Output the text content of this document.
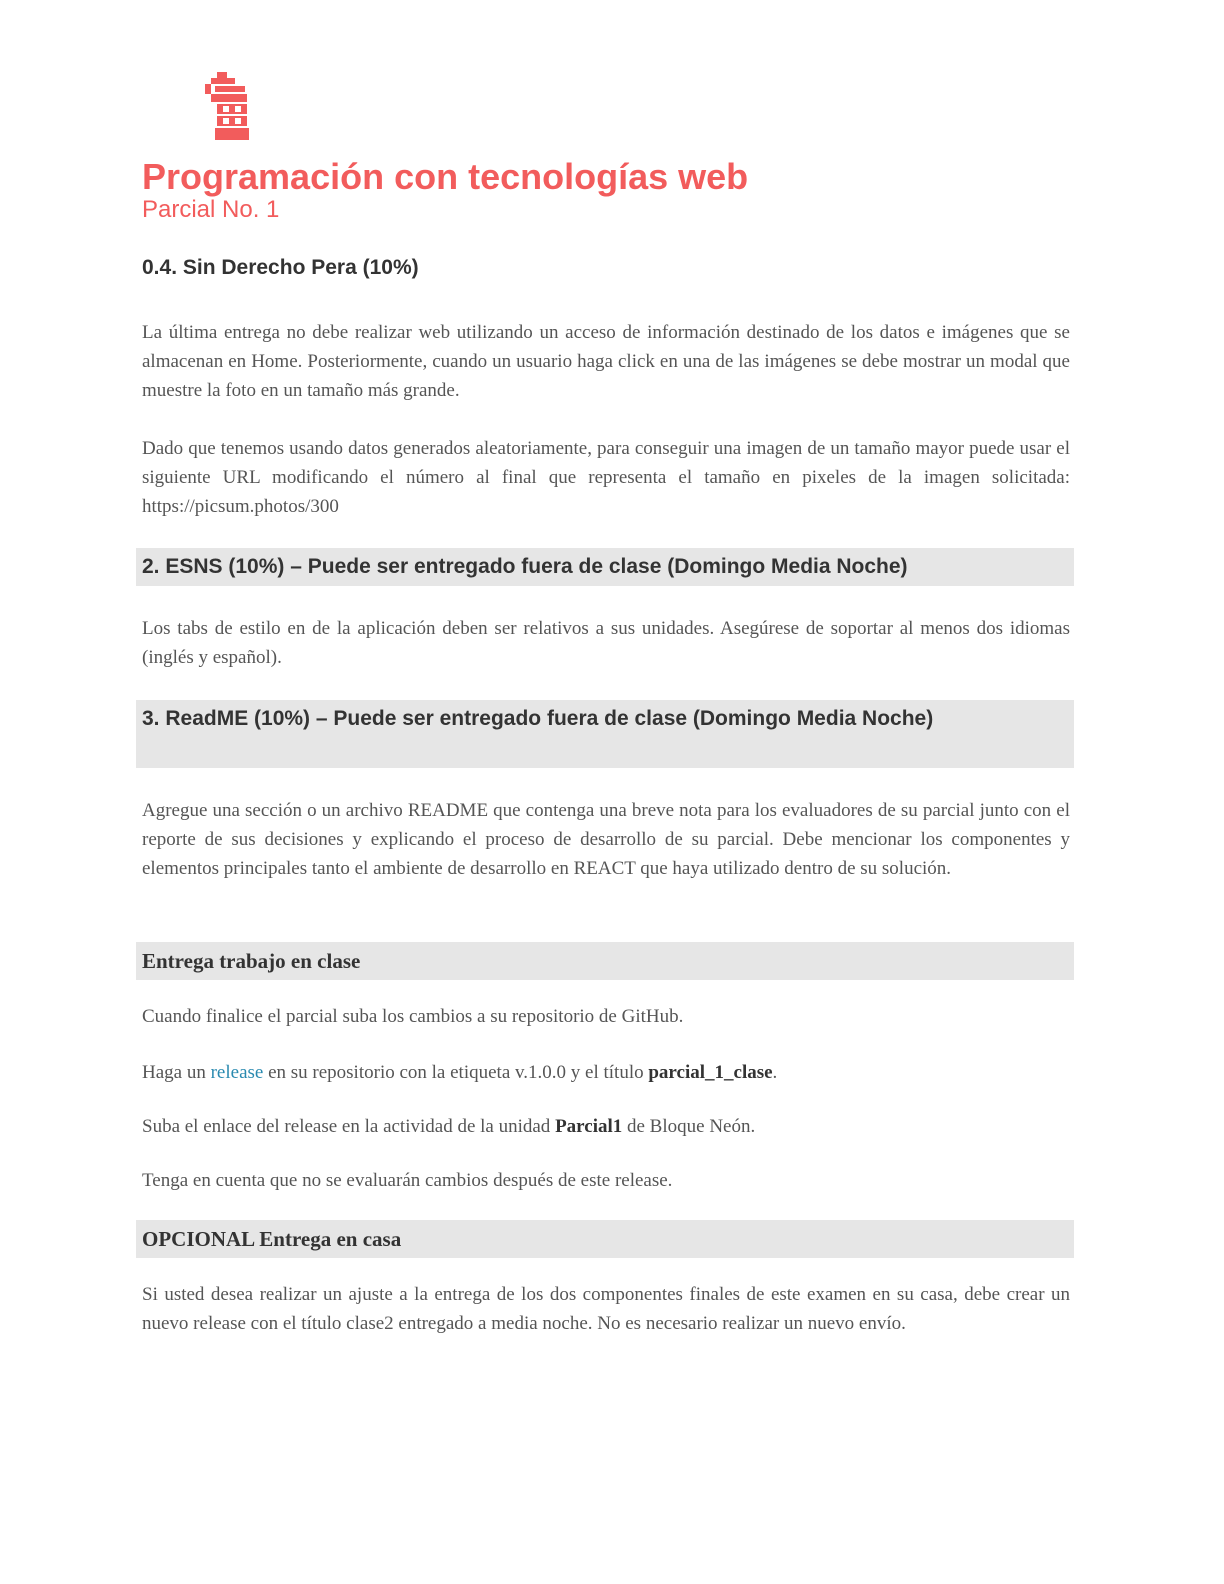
Programación con tecnologías web
Parcial No. 1
0.4. Sin Derecho Pera (10%)
La última entrega no debe realizar web utilizando un acceso de información destinado de los datos e imágenes que se almacenan en Home. Posteriormente, cuando un usuario haga click en una de las imágenes se debe mostrar un modal que muestre la foto en un tamaño más grande.
Dado que tenemos usando datos generados aleatoriamente, para conseguir una imagen de un tamaño mayor puede usar el siguiente URL modificando el número al final que representa el tamaño en pixeles de la imagen solicitada: https://picsum.photos/300
2. ESNS (10%) – Puede ser entregado fuera de clase (Domingo Media Noche)
Los tabs de estilo en de la aplicación deben ser relativos a sus unidades. Asegúrese de soportar al menos dos idiomas (inglés y español).
3. ReadME (10%) – Puede ser entregado fuera de clase (Domingo Media Noche)
Agregue una sección o un archivo README que contenga una breve nota para los evaluadores de su parcial junto con el reporte de sus decisiones y explicando el proceso de desarrollo de su parcial. Debe mencionar los componentes y elementos principales tanto el ambiente de desarrollo en REACT que haya utilizado dentro de su solución.
Entrega trabajo en clase
Cuando finalice el parcial suba los cambios a su repositorio de GitHub.
Haga un release en su repositorio con la etiqueta v.1.0.0 y el título parcial_1_clase.
Suba el enlace del release en la actividad de la unidad Parcial1 de Bloque Neón.
Tenga en cuenta que no se evaluarán cambios después de este release.
OPCIONAL Entrega en casa
Si usted desea realizar un ajuste a la entrega de los dos componentes finales de este examen en su casa, debe crear un nuevo release con el título clase2 entregado a media noche. No es necesario realizar un nuevo envío.
